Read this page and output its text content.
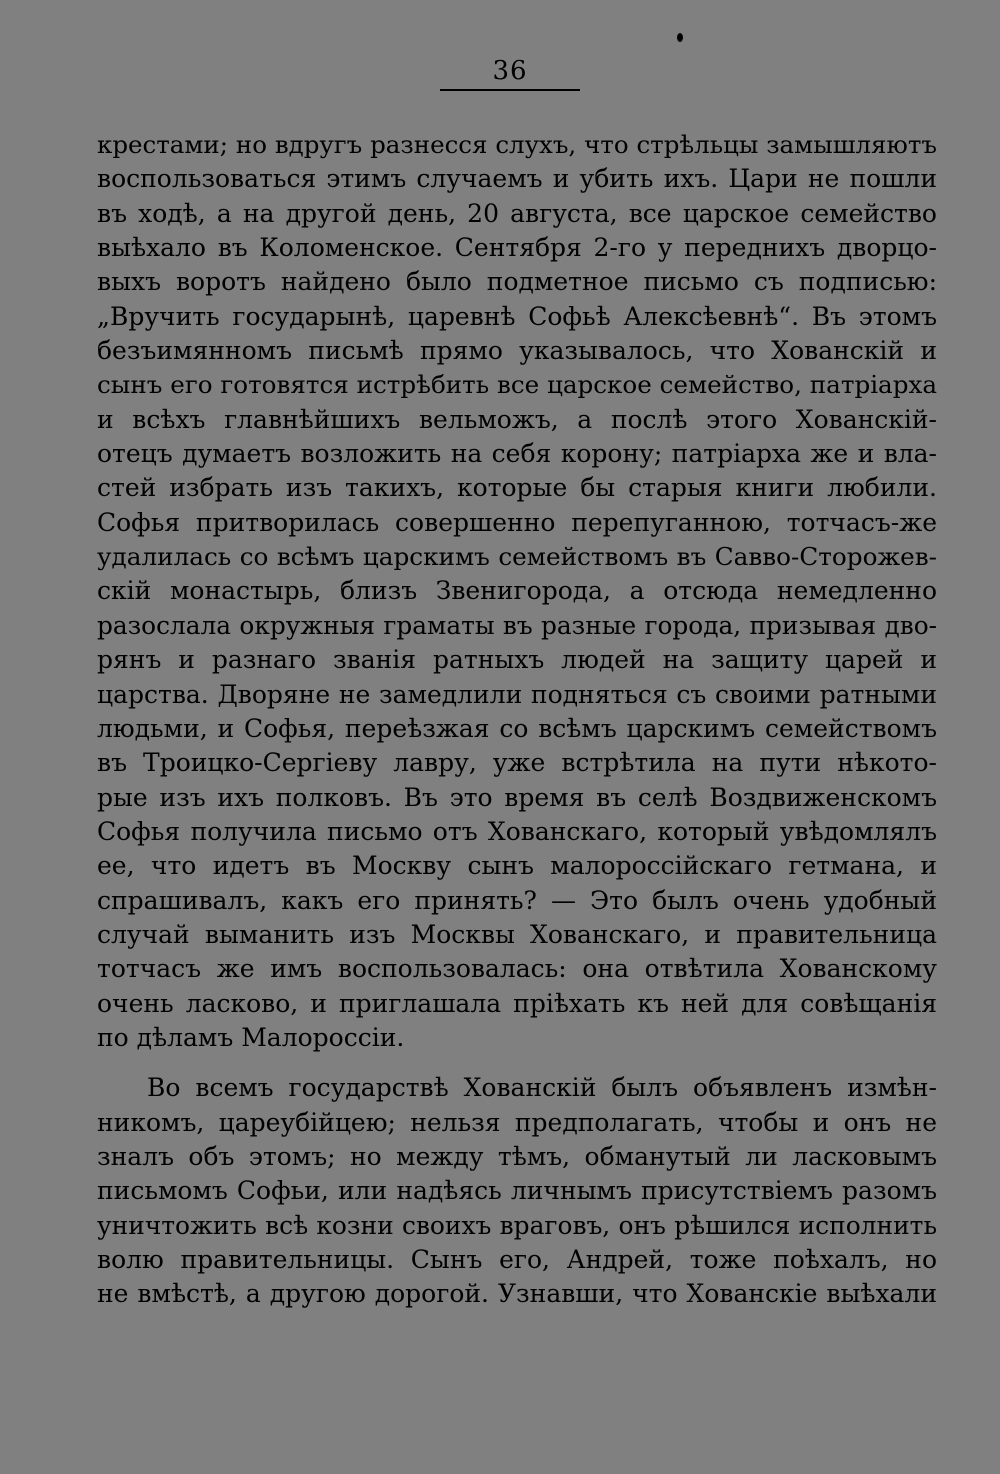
36
крестами; но вдругъ разнесся слухъ, что стрѣльцы замышляютъ
воспользоваться этимъ случаемъ и убить ихъ. Цари не пошли
въ ходѣ, а на другой день, 20 августа, все царское семейство
выѣхало въ Коломенское. Сентября 2-го у переднихъ дворцо-
выхъ воротъ найдено было подметное письмо съ подписью:
„Вручить государынѣ, царевнѣ Софьѣ Алексѣевнѣ“. Въ этомъ
безъимянномъ письмѣ прямо указывалось, что Хованскій и
сынъ его готовятся истрѣбить все царское семейство, патріарха
и всѣхъ главнѣйшихъ вельможъ, а послѣ этого Хованскій-
отецъ думаетъ возложить на себя корону; патріарха же и вла-
стей избрать изъ такихъ, которые бы старыя книги любили.
Софья притворилась совершенно перепуганною, тотчасъ-же
удалилась со всѣмъ царскимъ семействомъ въ Савво-Сторожев-
скій монастырь, близъ Звенигорода, а отсюда немедленно
разослала окружныя граматы въ разные города, призывая дво-
рянъ и разнаго званія ратныхъ людей на защиту царей и
царства. Дворяне не замедлили подняться съ своими ратными
людьми, и Софья, переѣзжая со всѣмъ царскимъ семействомъ
въ Троицко-Сергіеву лавру, уже встрѣтила на пути нѣкото-
рые изъ ихъ полковъ. Въ это время въ селѣ Воздвиженскомъ
Софья получила письмо отъ Хованскаго, который увѣдомлялъ
ее, что идетъ въ Москву сынъ малороссійскаго гетмана, и
спрашивалъ, какъ его принять? — Это былъ очень удобный
случай выманить изъ Москвы Хованскаго, и правительница
тотчасъ же имъ воспользовалась: она отвѣтила Хованскому
очень ласково, и приглашала пріѣхать къ ней для совѣщанія
по дѣламъ Малороссіи.
Во всемъ государствѣ Хованскій былъ объявленъ измѣн-
никомъ, цареубійцею; нельзя предполагать, чтобы и онъ не
зналъ объ этомъ; но между тѣмъ, обманутый ли ласковымъ
письмомъ Софьи, или надѣясь личнымъ присутствіемъ разомъ
уничтожить всѣ козни своихъ враговъ, онъ рѣшился исполнить
волю правительницы. Сынъ его, Андрей, тоже поѣхалъ, но
не вмѣстѣ, а другою дорогой. Узнавши, что Хованскіе выѣхали
